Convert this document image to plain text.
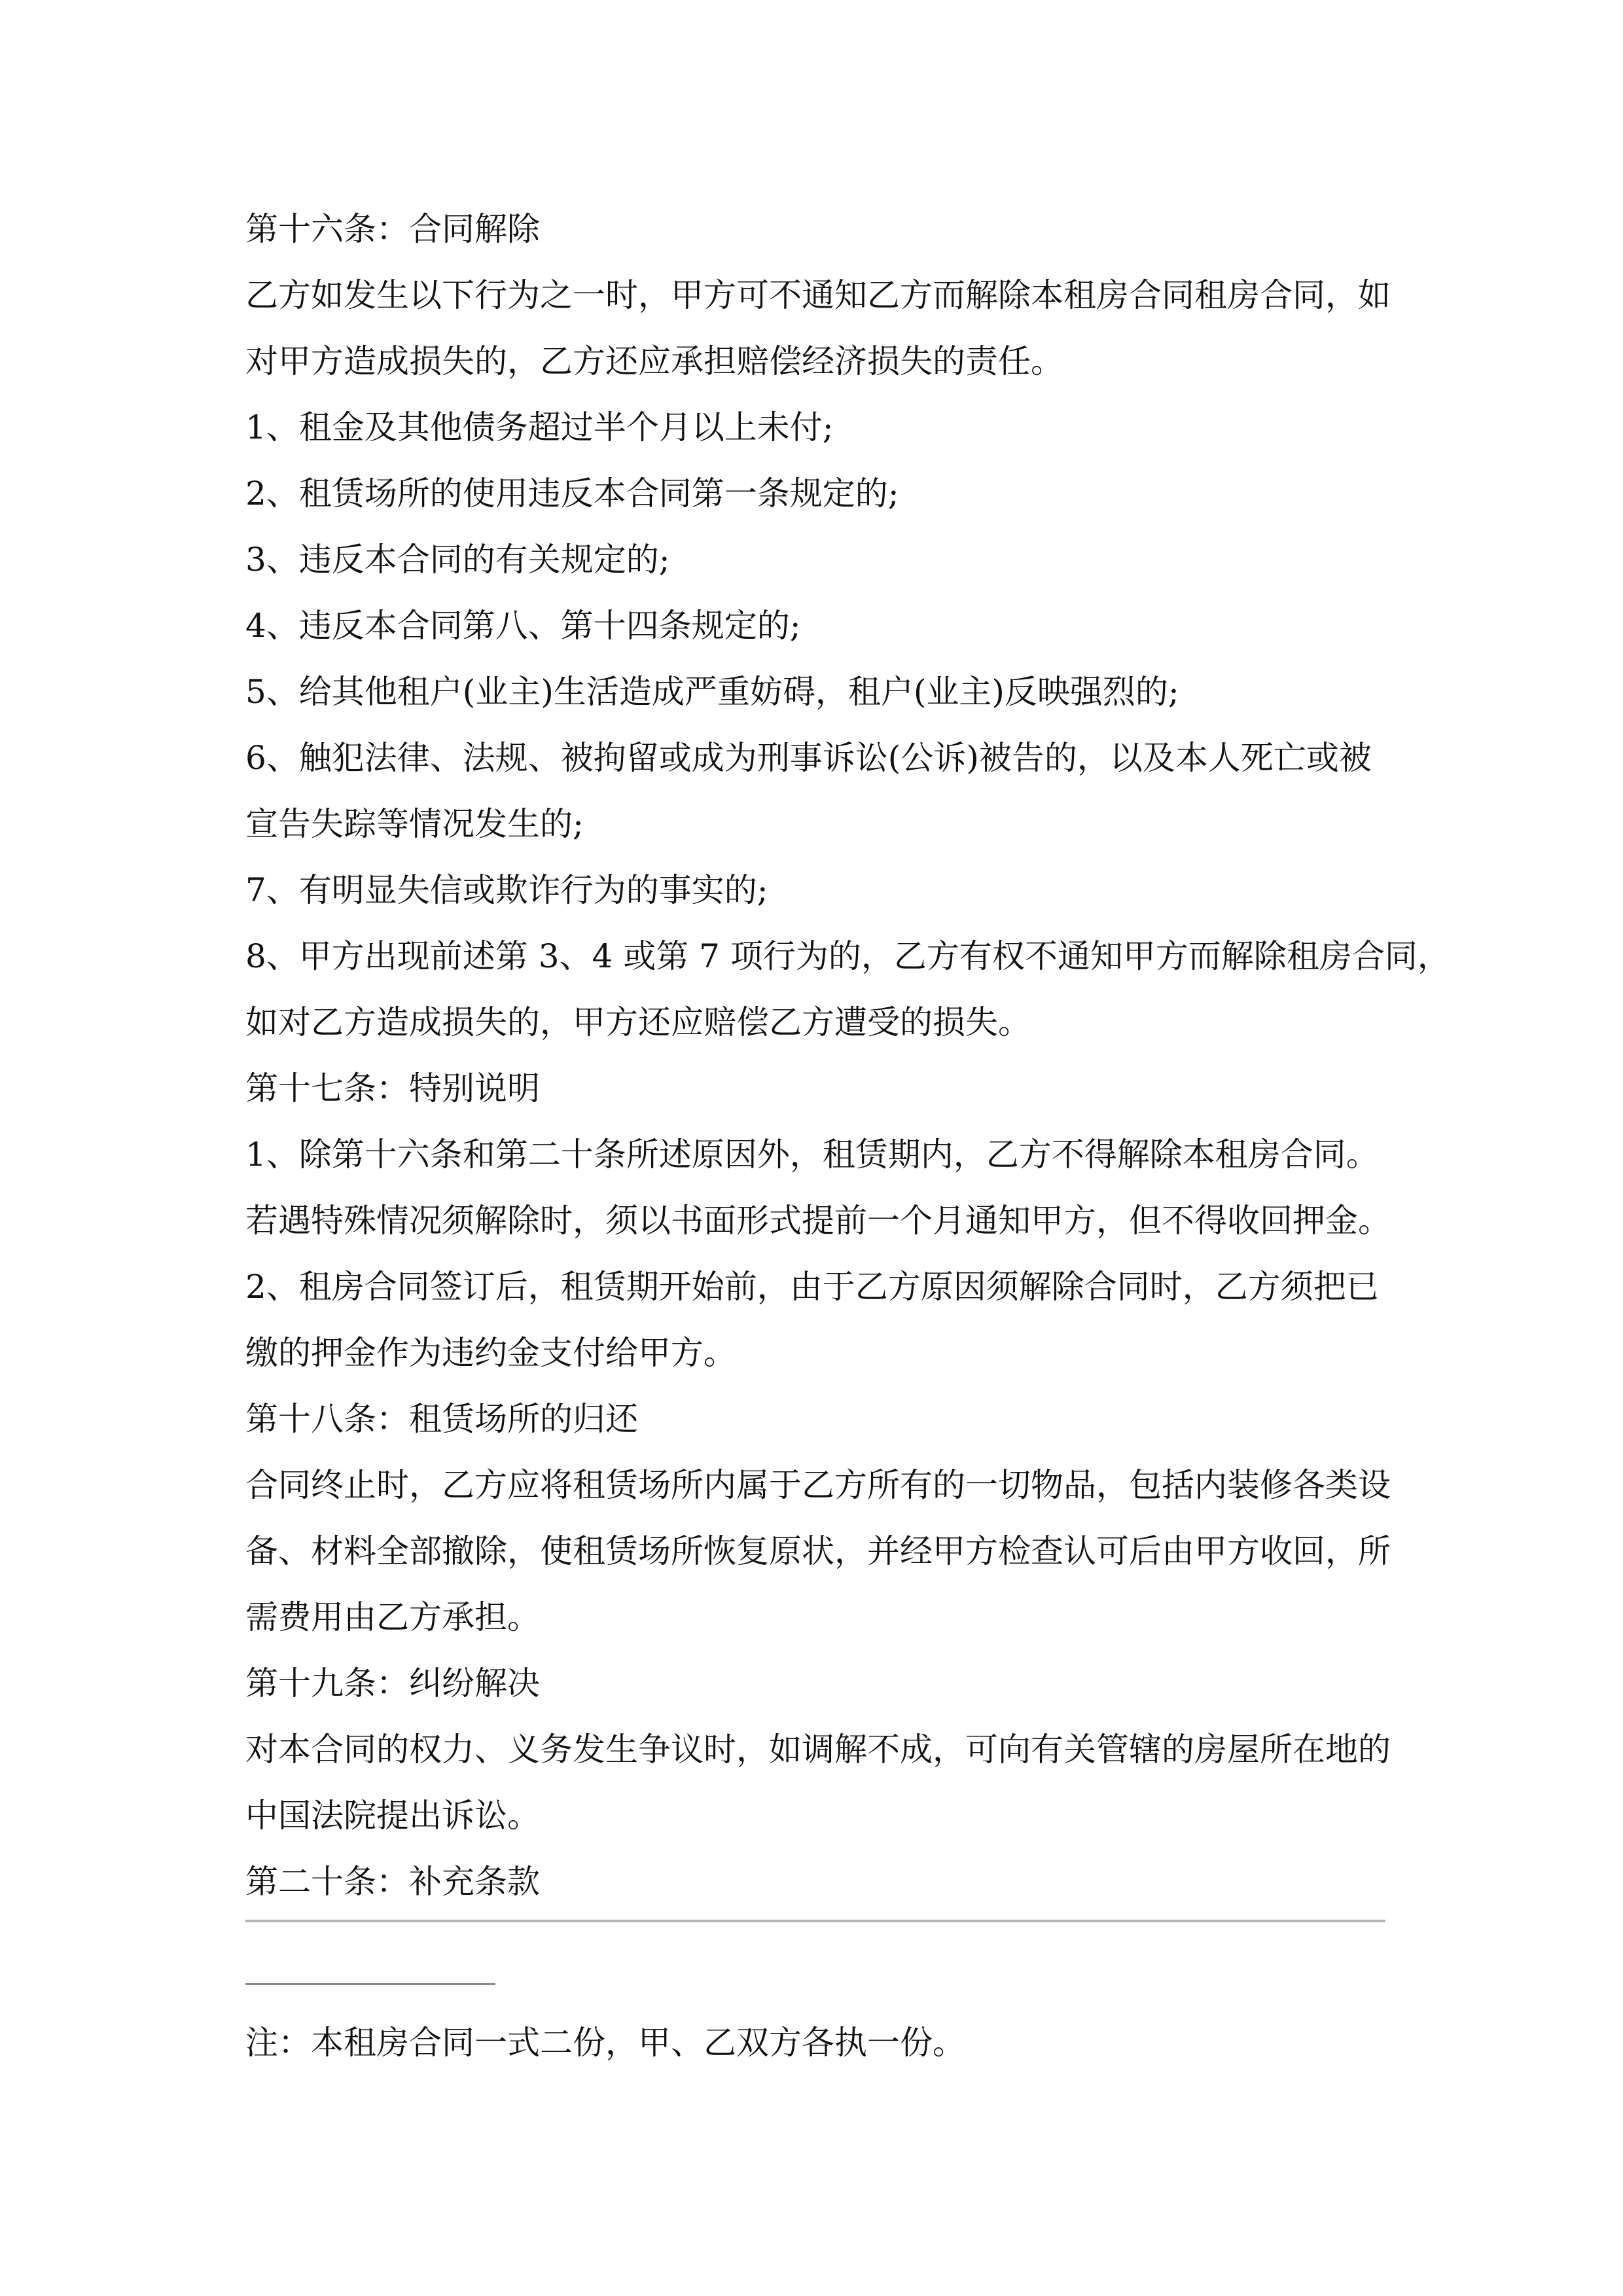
第十六条：合同解除

乙方如发生以下行为之一时，甲方可不通知乙方而解除本租房合同租房合同，如

对甲方造成损失的，乙方还应承担赔偿经济损失的责任。

1、租金及其他债务超过半个月以上未付;

2、租赁场所的使用违反本合同第一条规定的;

3、违反本合同的有关规定的;

4、违反本合同第八、第十四条规定的;

5、给其他租户(业主)生活造成严重妨碍，租户(业主)反映强烈的;

6、触犯法律、法规、被拘留或成为刑事诉讼(公诉)被告的，以及本人死亡或被

宣告失踪等情况发生的;

7、有明显失信或欺诈行为的事实的;

8、甲方出现前述第 3、4 或第 7 项行为的，乙方有权不通知甲方而解除租房合同，

如对乙方造成损失的，甲方还应赔偿乙方遭受的损失。

第十七条：特别说明

1、除第十六条和第二十条所述原因外，租赁期内，乙方不得解除本租房合同。

若遇特殊情况须解除时，须以书面形式提前一个月通知甲方，但不得收回押金。

2、租房合同签订后，租赁期开始前，由于乙方原因须解除合同时，乙方须把已

缴的押金作为违约金支付给甲方。

第十八条：租赁场所的归还

合同终止时，乙方应将租赁场所内属于乙方所有的一切物品，包括内装修各类设

备、材料全部撤除，使租赁场所恢复原状，并经甲方检查认可后由甲方收回，所

需费用由乙方承担。

第十九条：纠纷解决

对本合同的权力、义务发生争议时，如调解不成，可向有关管辖的房屋所在地的

中国法院提出诉讼。

第二十条：补充条款

注：本租房合同一式二份，甲、乙双方各执一份。
